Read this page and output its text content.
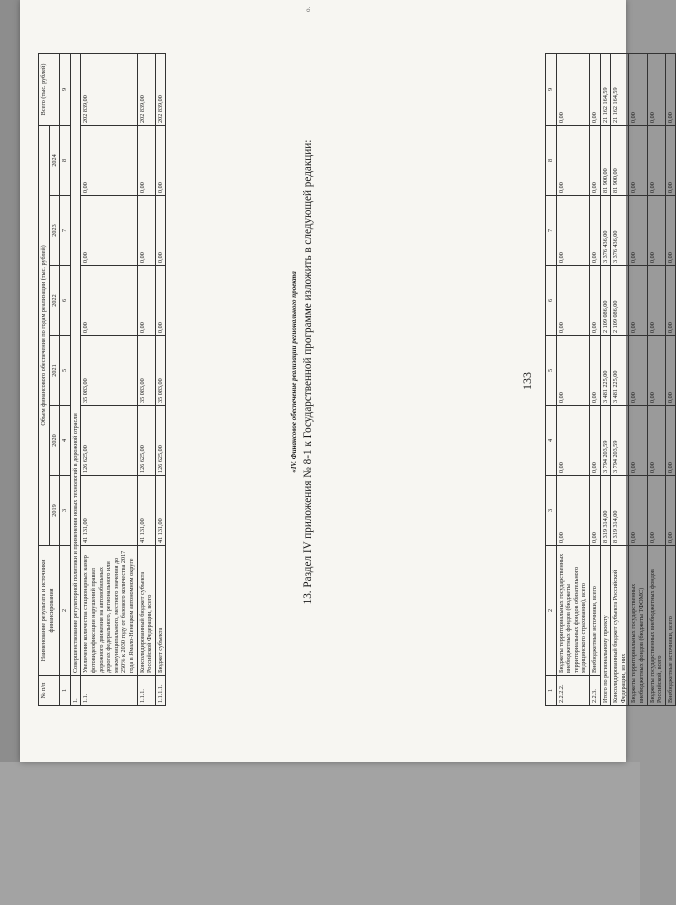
133
о.
1	2	3	4	5	6	7	8	9
2.2.2.2.	Бюджеты территориальных государственных внебюджетных фондов (бюджеты территориальных фондов обязательного медицинского страхования), всего	0,00	0,00	0,00	0,00	0,00	0,00	0,00
2.2.3.	Внебюджетные источники, всего	0,00	0,00	0,00	0,00	0,00	0,00	0,00
Итого по региональному проекту		8 319 314,00	3 794 203,59	3 481 225,00	2 109 086,00	3 376 436,00	81 900,00	21 162 164,59
Консолидированный бюджет субъекта Российской Федерации, из них		8 319 314,00	3 794 203,59	3 481 225,00	2 109 086,00	3 376 436,00	81 900,00	21 162 164,59
Бюджеты территориальных государственных внебюджетных фондов (бюджеты ТФОМС)		0,00	0,00	0,00	0,00	0,00	0,00	0,00
Бюджеты государственных внебюджетных фондов Российской, всего		0,00	0,00	0,00	0,00	0,00	0,00	0,00
Внебюджетные источники, всего		0,00	0,00	0,00	0,00	0,00	0,00	0,00
13. Раздел IV приложения № 8-1 к Государственной программе изложить в следующей редакции:
«IV. Финансовое обеспечение реализации регионального проекта
№ п/п	Наименование результата и источники финансирования	Объем финансового обеспечения по годам реализации (тыс. рублей)						Всего (тыс. рублей)
		2019	2020	2021	2022	2023	2024	
1	2	3	4	5	6	7	8	9
1.	Совершенствование регуляторной политики и применения новых технологий в дорожной отрасли							
1.1.	Увеличение количества стационарных камер фотовидеофиксации нарушений правил дорожного движения на автомобильных дорогах федерального, регионального или межмуниципального, местного значения до 250% к 2030 году от базового количества 2017 года в Ямало-Ненецком автономном округе	41 131,00	126 625,00	35 083,00	0,00	0,00	0,00	202 839,00
1.1.1.	Консолидированный бюджет субъекта Российской Федерации, всего	41 131,00	126 625,00	35 083,00	0,00	0,00	0,00	202 839,00
1.1.1.1.	Бюджет субъекта	41 131,00	126 625,00	35 083,00	0,00	0,00	0,00	202 839,00
